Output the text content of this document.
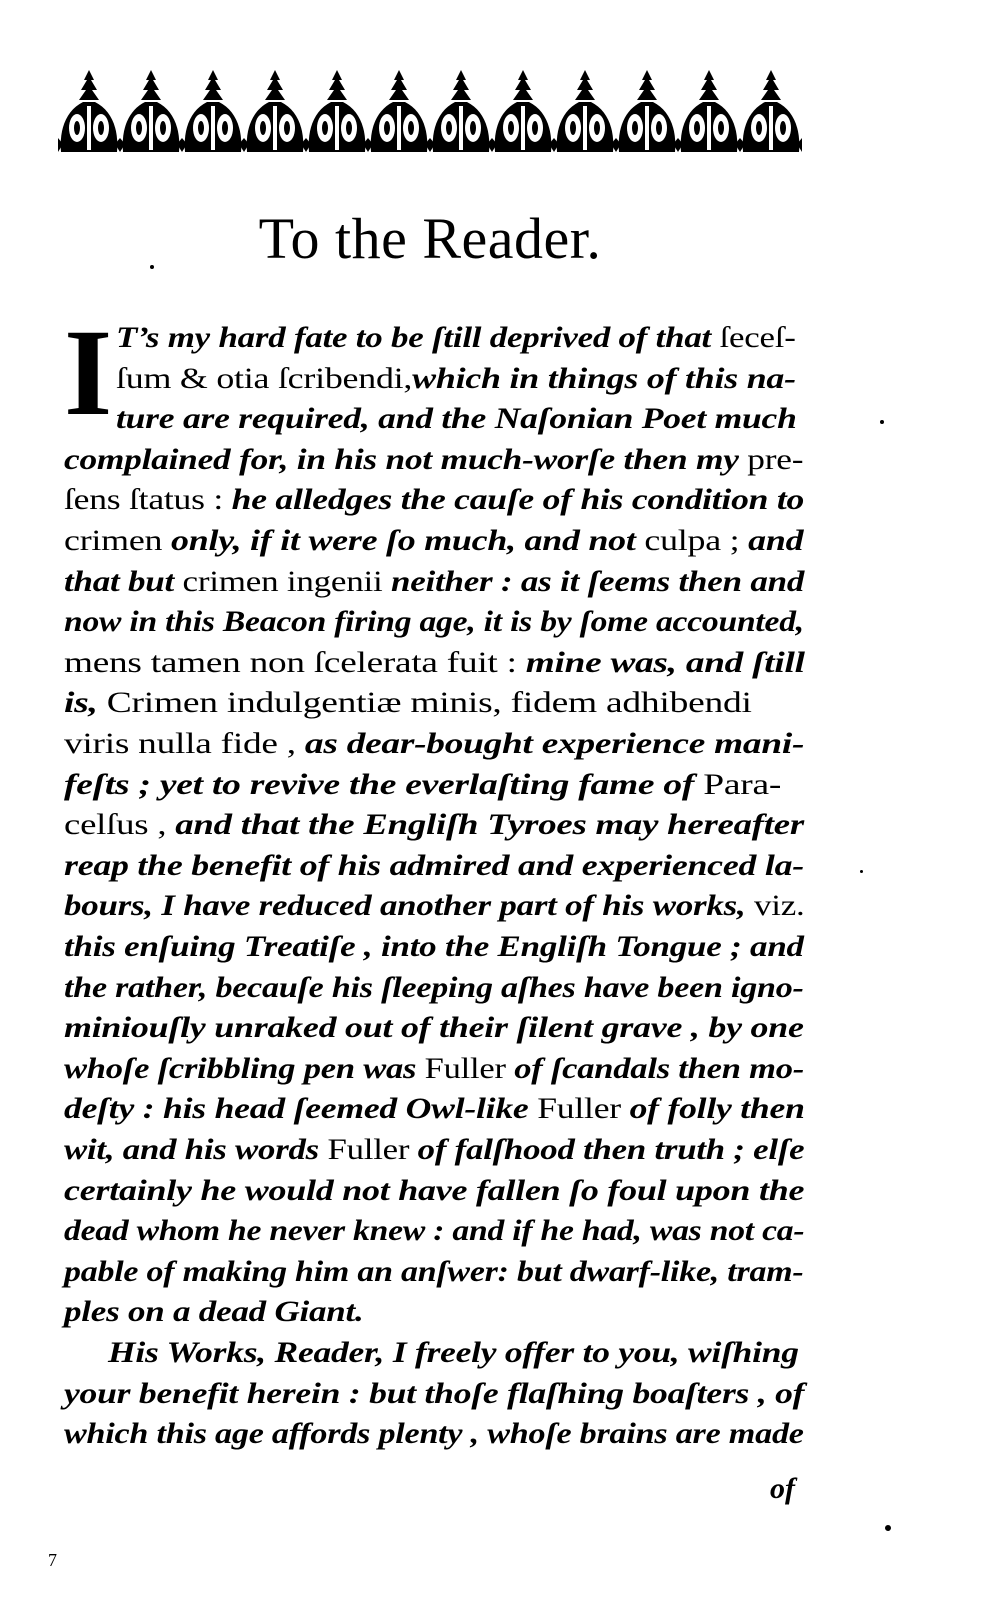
To the Reader.
I T’s my hard fate to be ſtill deprived of that ſeceſ-
ſum & otia ſcribendi,which in things of this na-
ture are required, and the Naſonian Poet much
complained for, in his not much-worſe then my pre-
ſens ſtatus : he alledges the cauſe of his condition to
crimen only, if it were ſo much, and not culpa ; and
that but crimen ingenii neither : as it ſeems then and
now in this Beacon firing age, it is by ſome accounted,
mens tamen non ſcelerata fuit : mine was, and ſtill
is, Crimen indulgentiæ minis, fidem adhibendi
viris nulla fide , as dear-bought experience mani-
feſts ; yet to revive the everlaſting fame of Para-
celſus , and that the Engliſh Tyroes may hereafter
reap the benefit of his admired and experienced la-
bours, I have reduced another part of his works, viz.
this enſuing Treatiſe , into the Engliſh Tongue ; and
the rather, becauſe his ſleeping aſhes have been igno-
miniouſly unraked out of their ſilent grave , by one
whoſe ſcribbling pen was Fuller of ſcandals then mo-
deſty : his head ſeemed Owl-like Fuller of folly then
wit, and his words Fuller of falſhood then truth ; elſe
certainly he would not have fallen ſo foul upon the
dead whom he never knew : and if he had, was not ca-
pable of making him an anſwer: but dwarf-like, tram-
ples on a dead Giant.
His Works, Reader, I freely offer to you, wiſhing
your benefit herein : but thoſe flaſhing boaſters , of
which this age affords plenty , whoſe brains are made
of
7
